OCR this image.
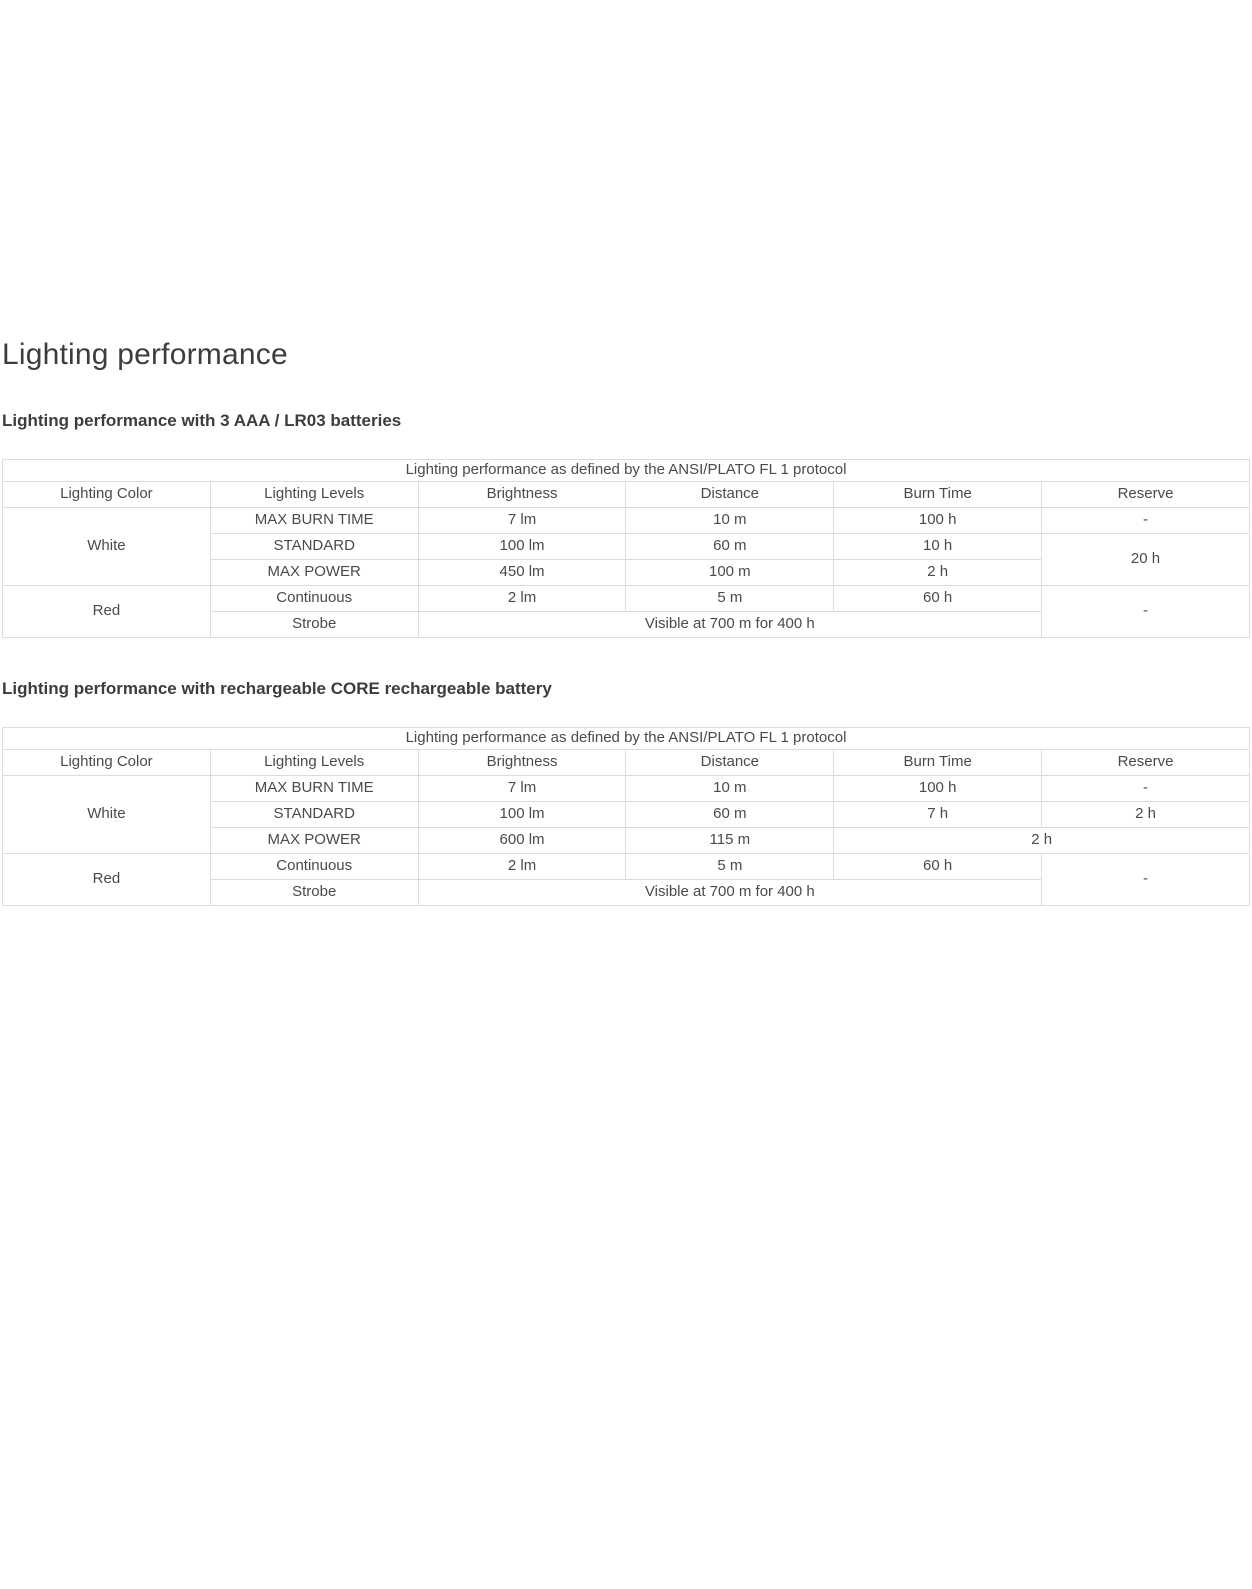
Lighting performance
Lighting performance with 3 AAA / LR03 batteries
Lighting performance as defined by the ANSI/PLATO FL 1 protocol					
Lighting Color	Lighting Levels	Brightness	Distance	Burn Time	Reserve
White	MAX BURN TIME	7 lm	10 m	100 h	-
	STANDARD	100 lm	60 m	10 h	20 h
	MAX POWER	450 lm	100 m	2 h	
Red	Continuous	2 lm	5 m	60 h	-
	Strobe	Visible at 700 m for 400 h			
Lighting performance with rechargeable CORE rechargeable battery
Lighting performance as defined by the ANSI/PLATO FL 1 protocol					
Lighting Color	Lighting Levels	Brightness	Distance	Burn Time	Reserve
White	MAX BURN TIME	7 lm	10 m	100 h	-
	STANDARD	100 lm	60 m	7 h	2 h
	MAX POWER	600 lm	115 m	2 h	
Red	Continuous	2 lm	5 m	60 h	-
	Strobe	Visible at 700 m for 400 h			
